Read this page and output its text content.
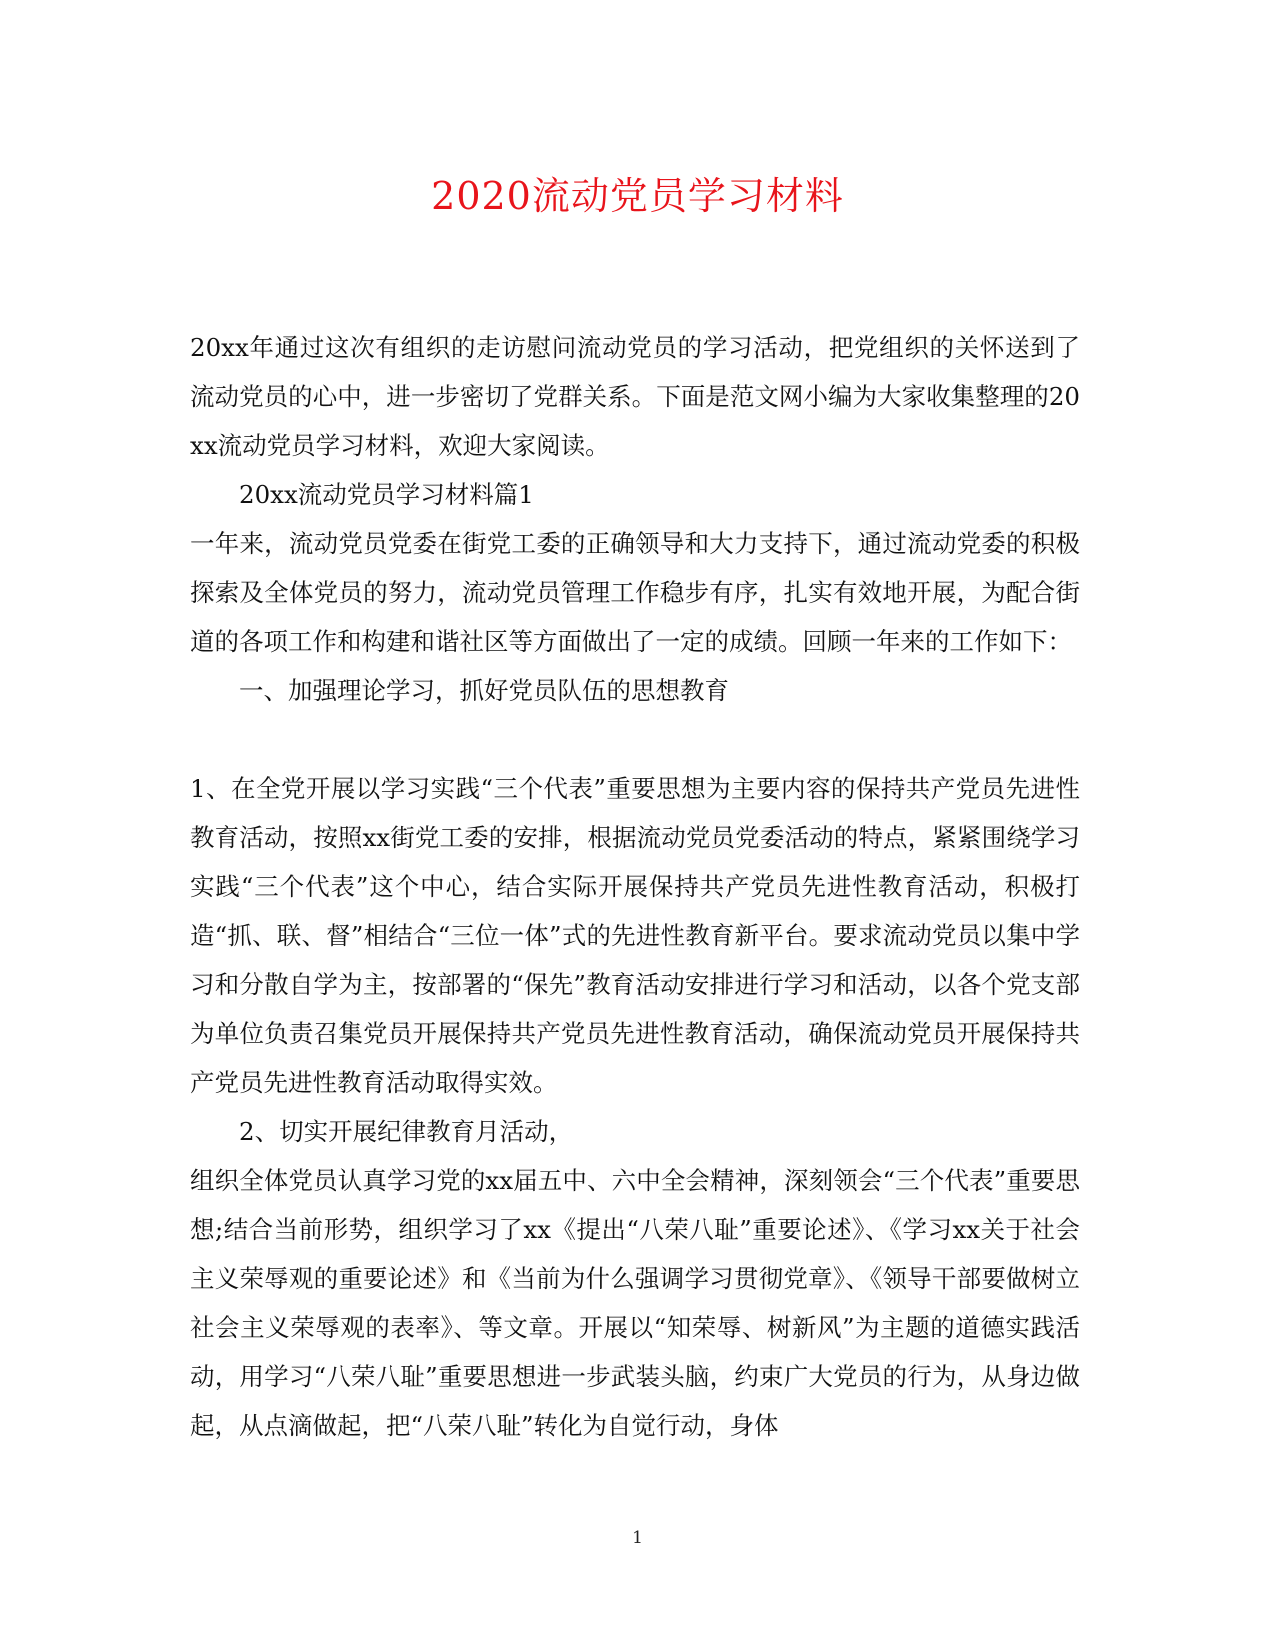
2020流动党员学习材料

20xx年通过这次有组织的走访慰问流动党员的学习活动，把党组织的关怀送到了流动党员的心中，进一步密切了党群关系。下面是范文网小编为大家收集整理的20xx流动党员学习材料，欢迎大家阅读。

20xx流动党员学习材料篇1

一年来，流动党员党委在街党工委的正确领导和大力支持下，通过流动党委的积极探索及全体党员的努力，流动党员管理工作稳步有序，扎实有效地开展，为配合街道的各项工作和构建和谐社区等方面做出了一定的成绩。回顾一年来的工作如下：

一、加强理论学习，抓好党员队伍的思想教育

1、在全党开展以学习实践“三个代表”重要思想为主要内容的保持共产党员先进性教育活动，按照xx街党工委的安排，根据流动党员党委活动的特点，紧紧围绕学习实践“三个代表”这个中心，结合实际开展保持共产党员先进性教育活动，积极打造“抓、联、督”相结合“三位一体”式的先进性教育新平台。要求流动党员以集中学习和分散自学为主，按部署的“保先”教育活动安排进行学习和活动，以各个党支部为单位负责召集党员开展保持共产党员先进性教育活动，确保流动党员开展保持共产党员先进性教育活动取得实效。

2、切实开展纪律教育月活动，

组织全体党员认真学习党的xx届五中、六中全会精神，深刻领会“三个代表”重要思想;结合当前形势，组织学习了xx《提出“八荣八耻”重要论述》、《学习xx关于社会主义荣辱观的重要论述》和《当前为什么强调学习贯彻党章》、《领导干部要做树立社会主义荣辱观的表率》、等文章。开展以“知荣辱、树新风”为主题的道德实践活动，用学习“八荣八耻”重要思想进一步武装头脑，约束广大党员的行为，从身边做起，从点滴做起，把“八荣八耻”转化为自觉行动，身体

1
